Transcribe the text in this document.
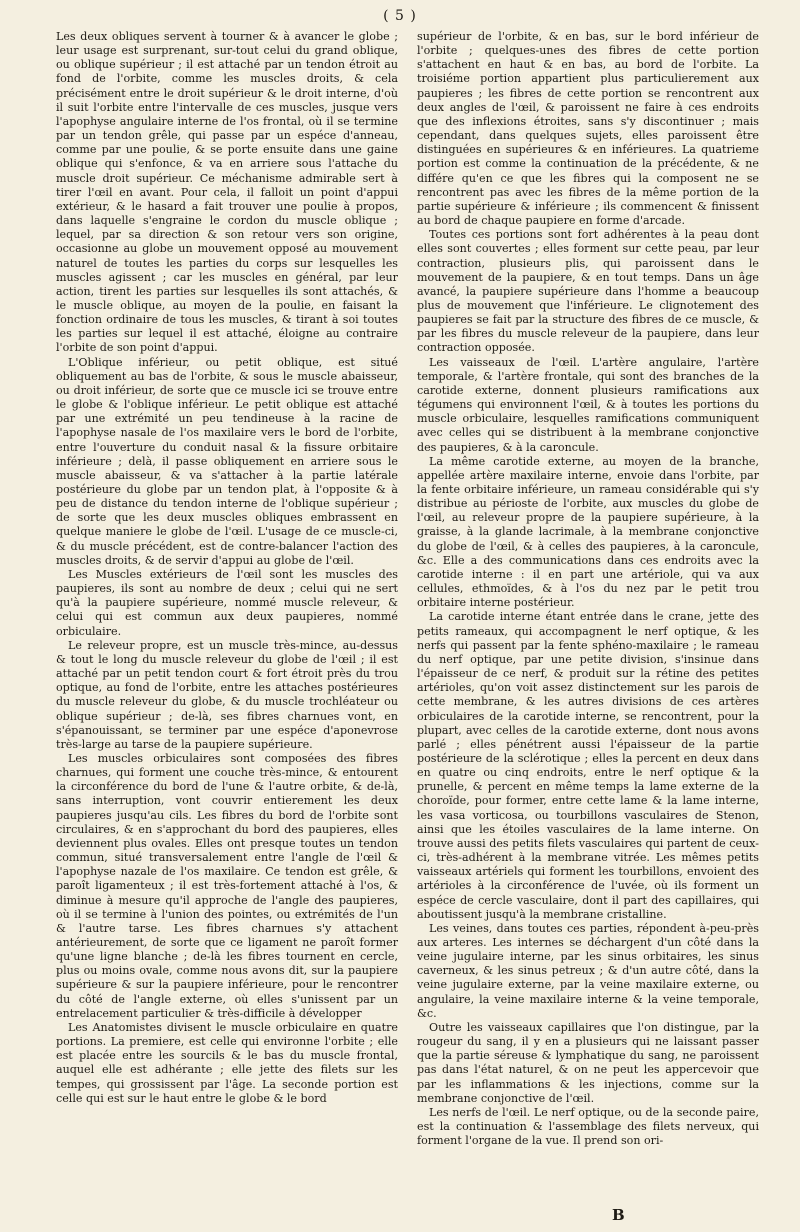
( 5 )

Les deux obliques servent à tourner & à avancer le globe ; leur usage est surprenant, sur-tout celui du grand oblique, ou oblique supérieur ; il est attaché par un tendon étroit au fond de l'orbite, comme les muscles droits, & cela précisément entre le droit supérieur & le droit interne, d'où il suit l'orbite entre l'intervalle de ces muscles, jusque vers l'apophyse angulaire interne de l'os frontal, où il se termine par un tendon grêle, qui passe par un espéce d'anneau, comme par une poulie, & se porte ensuite dans une gaine oblique qui s'enfonce, & va en arriere sous l'attache du muscle droit supérieur. Ce méchanisme admirable sert à tirer l'œil en avant. Pour cela, il falloit un point d'appui extérieur, & le hasard a fait trouver une poulie à propos, dans laquelle s'engraine le cordon du muscle oblique ; lequel, par sa direction & son retour vers son origine, occasionne au globe un mouvement opposé au mouvement naturel de toutes les parties du corps sur lesquelles les muscles agissent ; car les muscles en général, par leur action, tirent les parties sur lesquelles ils sont attachés, & le muscle oblique, au moyen de la poulie, en faisant la fonction ordinaire de tous les muscles, & tirant à soi toutes les parties sur lequel il est attaché, éloigne au contraire l'orbite de son point d'appui.

L'Oblique inférieur, ou petit oblique, est situé obliquement au bas de l'orbite, & sous le muscle abaisseur, ou droit inférieur, de sorte que ce muscle ici se trouve entre le globe & l'oblique inférieur. Le petit oblique est attaché par une extrémité un peu tendineuse à la racine de l'apophyse nasale de l'os maxilaire vers le bord de l'orbite, entre l'ouverture du conduit nasal & la fissure orbitaire inférieure ; delà, il passe obliquement en arriere sous le muscle abaisseur, & va s'attacher à la partie latérale postérieure du globe par un tendon plat, à l'opposite & à peu de distance du tendon interne de l'oblique supérieur ; de sorte que les deux muscles obliques embrassent en quelque maniere le globe de l'œil. L'usage de ce muscle-ci, & du muscle précédent, est de contre-balancer l'action des muscles droits, & de servir d'appui au globe de l'œil.

Les Muscles extérieurs de l'œil sont les muscles des paupieres, ils sont au nombre de deux ; celui qui ne sert qu'à la paupiere supérieure, nommé muscle releveur, & celui qui est commun aux deux paupieres, nommé orbiculaire.

Le releveur propre, est un muscle très-mince, au-dessus & tout le long du muscle releveur du globe de l'œil ; il est attaché par un petit tendon court & fort étroit près du trou optique, au fond de l'orbite, entre les attaches postérieures du muscle releveur du globe, & du muscle trochléateur ou oblique supérieur ; de-là, ses fibres charnues vont, en s'épanouissant, se terminer par une espéce d'aponevrose très-large au tarse de la paupiere supérieure.

Les muscles orbiculaires sont composées des fibres charnues, qui forment une couche très-mince, & entourent la circonférence du bord de l'une & l'autre orbite, & de-là, sans interruption, vont couvrir entierement les deux paupieres jusqu'au cils. Les fibres du bord de l'orbite sont circulaires, & en s'approchant du bord des paupieres, elles deviennent plus ovales. Elles ont presque toutes un tendon commun, situé transversalement entre l'angle de l'œil & l'apophyse nazale de l'os maxilaire. Ce tendon est grêle, & paroît ligamenteux ; il est très-fortement attaché à l'os, & diminue à mesure qu'il approche de l'angle des paupieres, où il se termine à l'union des pointes, ou extrémités de l'un & l'autre tarse. Les fibres charnues s'y attachent antérieurement, de sorte que ce ligament ne paroît former qu'une ligne blanche ; de-là les fibres tournent en cercle, plus ou moins ovale, comme nous avons dit, sur la paupiere supérieure & sur la paupiere inférieure, pour le rencontrer du côté de l'angle externe, où elles s'unissent par un entrelacement particulier & très-difficile à développer

Les Anatomistes divisent le muscle orbiculaire en quatre portions. La premiere, est celle qui environne l'orbite ; elle est placée entre les sourcils & le bas du muscle frontal, auquel elle est adhérante ; elle jette des filets sur les tempes, qui grossissent par l'âge. La seconde portion est celle qui est sur le haut entre le globe & le bord

supérieur de l'orbite, & en bas, sur le bord inférieur de l'orbite ; quelques-unes des fibres de cette portion s'attachent en haut & en bas, au bord de l'orbite. La troisiéme portion appartient plus particulierement aux paupieres ; les fibres de cette portion se rencontrent aux deux angles de l'œil, & paroissent ne faire à ces endroits que des inflexions étroites, sans s'y discontinuer ; mais cependant, dans quelques sujets, elles paroissent être distinguées en supérieures & en inférieures. La quatrieme portion est comme la continuation de la précédente, & ne différe qu'en ce que les fibres qui la composent ne se rencontrent pas avec les fibres de la même portion de la partie supérieure & inférieure ; ils commencent & finissent au bord de chaque paupiere en forme d'arcade.

Toutes ces portions sont fort adhérentes à la peau dont elles sont couvertes ; elles forment sur cette peau, par leur contraction, plusieurs plis, qui paroissent dans le mouvement de la paupiere, & en tout temps. Dans un âge avancé, la paupiere supérieure dans l'homme a beaucoup plus de mouvement que l'inférieure. Le clignotement des paupieres se fait par la structure des fibres de ce muscle, & par les fibres du muscle releveur de la paupiere, dans leur contraction opposée.

Les vaisseaux de l'œil. L'artère angulaire, l'artère temporale, & l'artère frontale, qui sont des branches de la carotide externe, donnent plusieurs ramifications aux tégumens qui environnent l'œil, & à toutes les portions du muscle orbiculaire, lesquelles ramifications communiquent avec celles qui se distribuent à la membrane conjonctive des paupieres, & à la caroncule.

La même carotide externe, au moyen de la branche, appellée artère maxilaire interne, envoie dans l'orbite, par la fente orbitaire inférieure, un rameau considérable qui s'y distribue au périoste de l'orbite, aux muscles du globe de l'œil, au releveur propre de la paupiere supérieure, à la graisse, à la glande lacrimale, à la membrane conjonctive du globe de l'œil, & à celles des paupieres, à la caroncule, &c. Elle a des communications dans ces endroits avec la carotide interne : il en part une artériole, qui va aux cellules, ethmoïdes, & à l'os du nez par le petit trou orbitaire interne postérieur.

La carotide interne étant entrée dans le crane, jette des petits rameaux, qui accompagnent le nerf optique, & les nerfs qui passent par la fente sphéno-maxilaire ; le rameau du nerf optique, par une petite division, s'insinue dans l'épaisseur de ce nerf, & produit sur la rétine des petites artérioles, qu'on voit assez distinctement sur les parois de cette membrane, & les autres divisions de ces artères orbiculaires de la carotide interne, se rencontrent, pour la plupart, avec celles de la carotide externe, dont nous avons parlé ; elles pénétrent aussi l'épaisseur de la partie postérieure de la sclérotique ; elles la percent en deux dans en quatre ou cinq endroits, entre le nerf optique & la prunelle, & percent en même temps la lame externe de la choroïde, pour former, entre cette lame & la lame interne, les vasa vorticosa, ou tourbillons vasculaires de Stenon, ainsi que les étoiles vasculaires de la lame interne. On trouve aussi des petits filets vasculaires qui partent de ceux-ci, très-adhérent à la membrane vitrée. Les mêmes petits vaisseaux artériels qui forment les tourbillons, envoient des artérioles à la circonférence de l'uvée, où ils forment un espéce de cercle vasculaire, dont il part des capillaires, qui aboutissent jusqu'à la membrane cristalline.

Les veines, dans toutes ces parties, répondent à-peu-près aux arteres. Les internes se déchargent d'un côté dans la veine jugulaire interne, par les sinus orbitaires, les sinus caverneux, & les sinus petreux ; & d'un autre côté, dans la veine jugulaire externe, par la veine maxilaire externe, ou angulaire, la veine maxilaire interne & la veine temporale, &c.

Outre les vaisseaux capillaires que l'on distingue, par la rougeur du sang, il y en a plusieurs qui ne laissant passer que la partie séreuse & lymphatique du sang, ne paroissent pas dans l'état naturel, & on ne peut les appercevoir que par les inflammations & les injections, comme sur la membrane conjonctive de l'œil.

Les nerfs de l'œil. Le nerf optique, ou de la seconde paire, est la continuation & l'assemblage des filets nerveux, qui forment l'organe de la vue. Il prend son ori-

B
